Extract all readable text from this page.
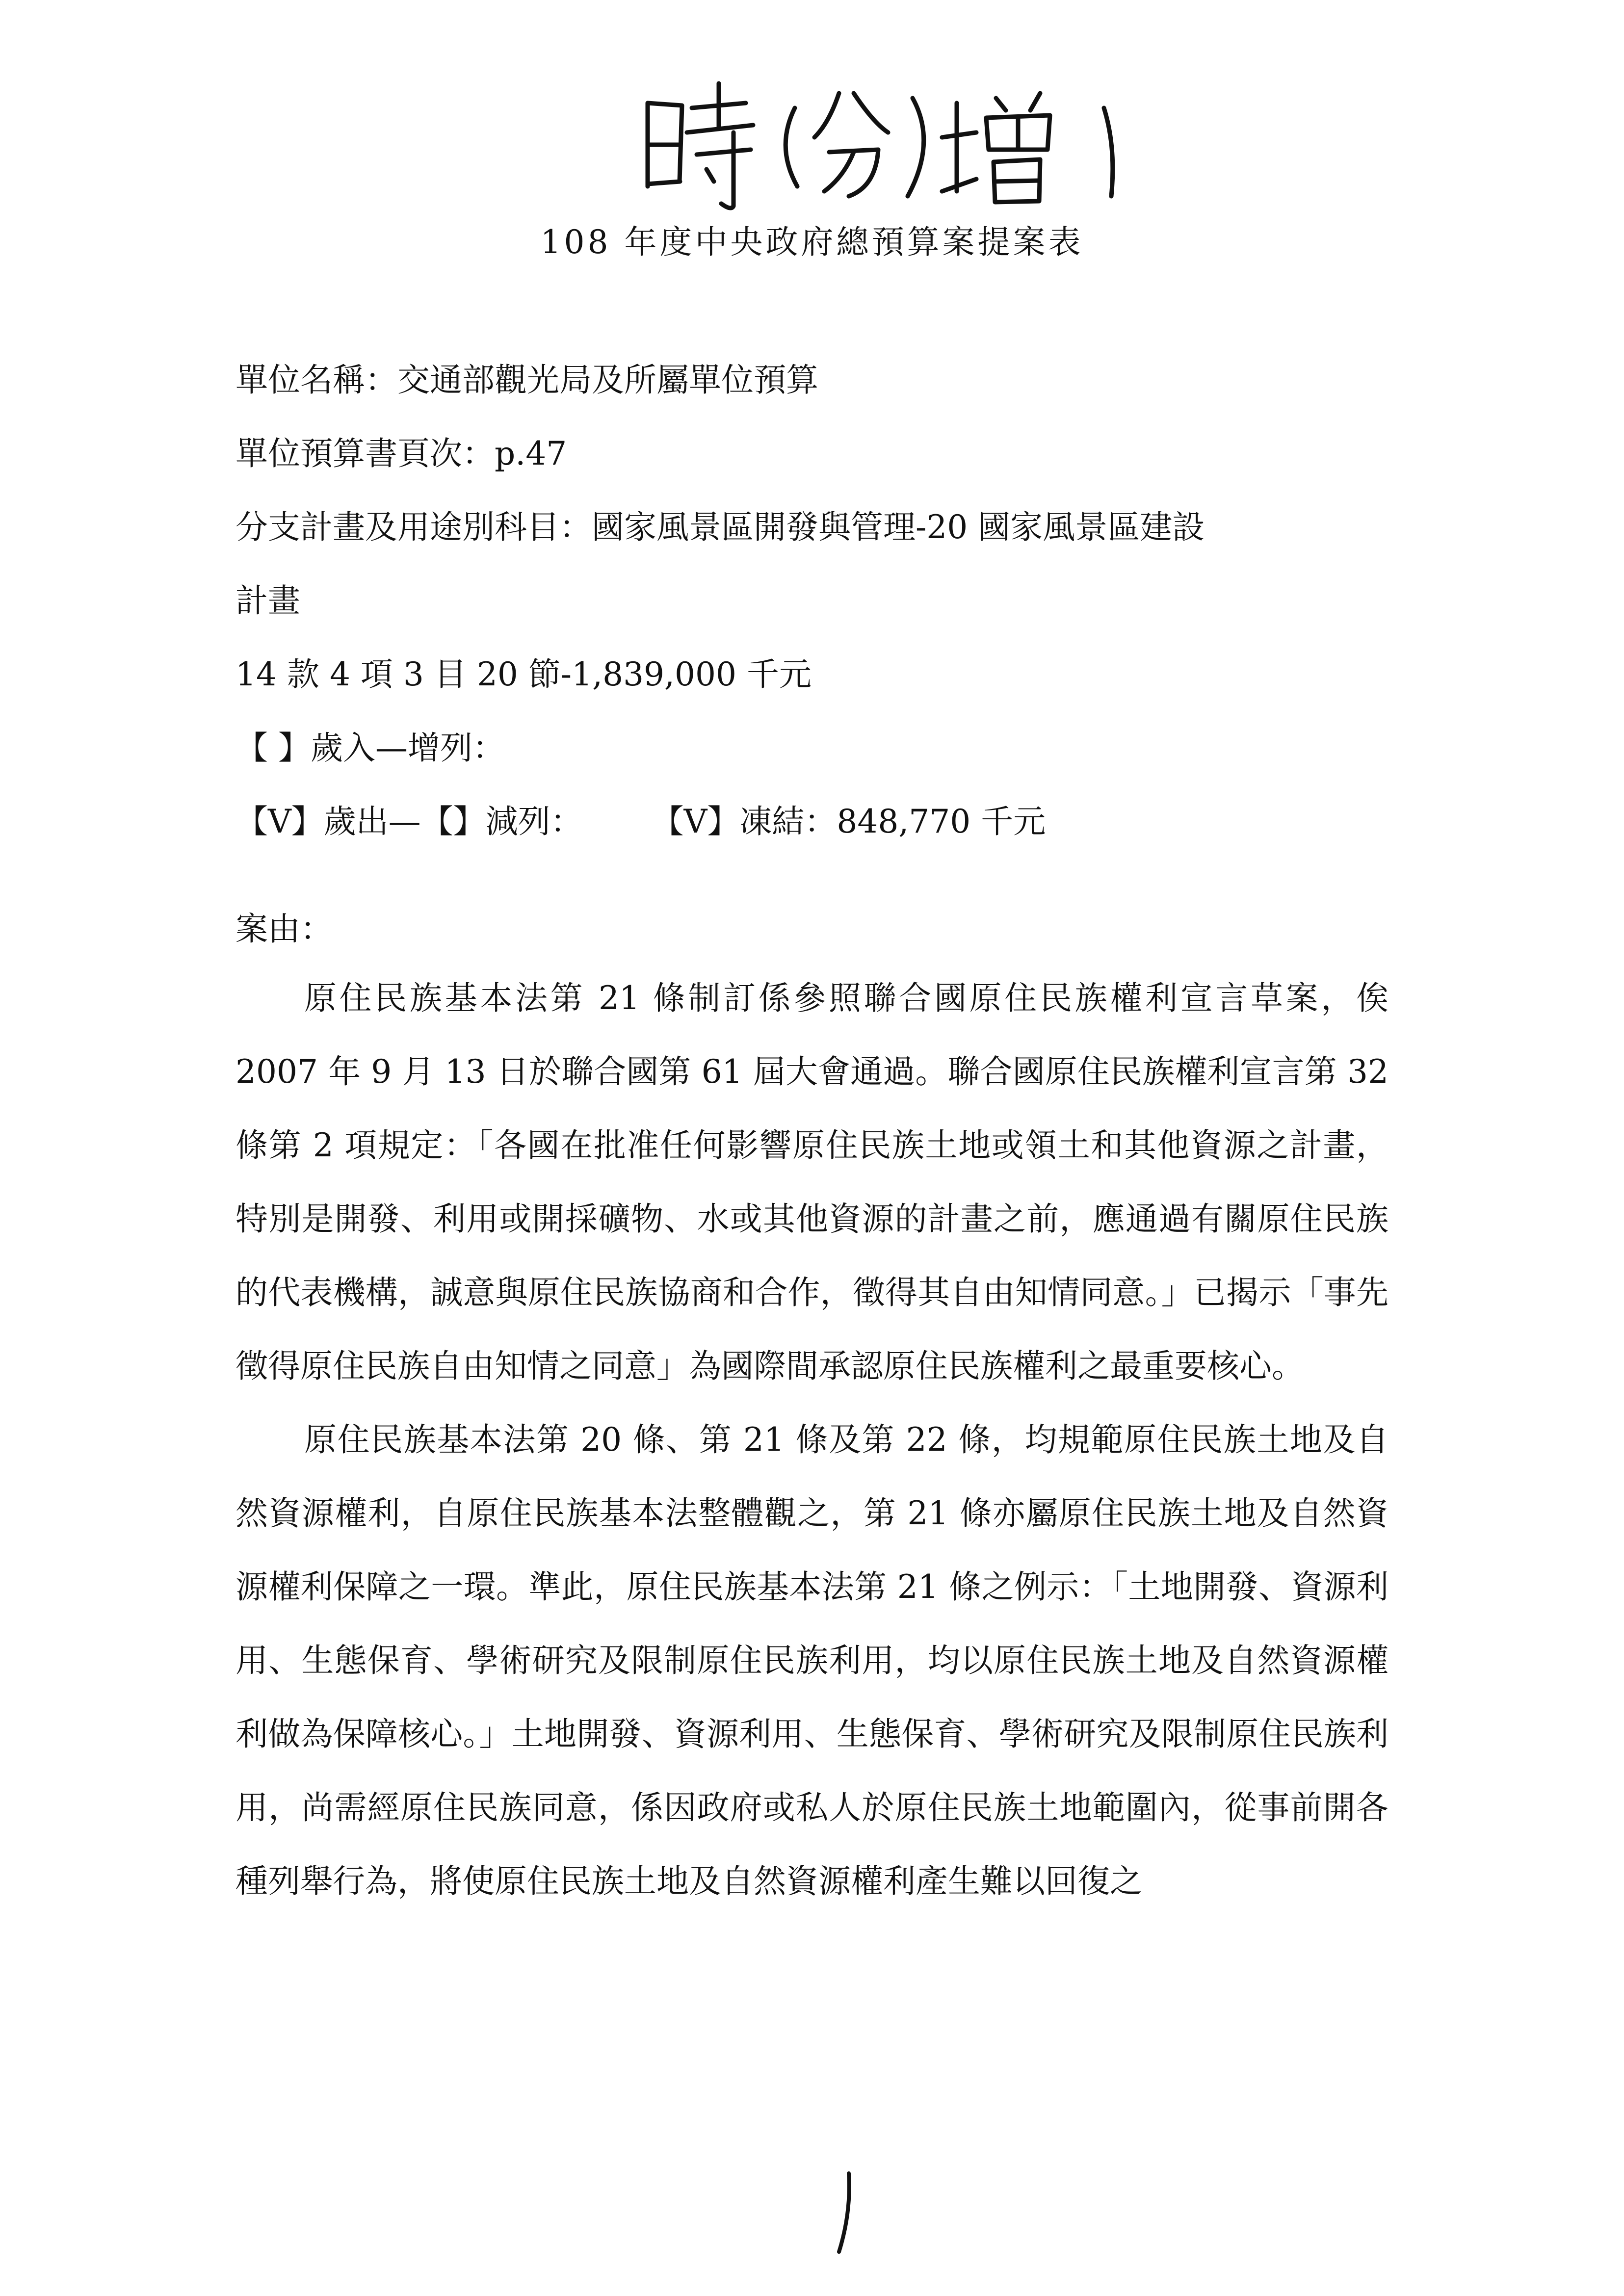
108 年度中央政府總預算案提案表
單位名稱：交通部觀光局及所屬單位預算
單位預算書頁次：p.47
分支計畫及用途別科目：國家風景區開發與管理-20 國家風景區建設
計畫
14 款 4 項 3 目 20 節-1,839,000 千元
【 】歲入—增列：
【V】歲出—【】減列： 【V】凍結：848,770 千元
案由：

原住民族基本法第 21 條制訂係參照聯合國原住民族權利宣言草案，俟 2007 年 9 月 13 日於聯合國第 61 屆大會通過。聯合國原住民族權利宣言第 32 條第 2 項規定：「各國在批准任何影響原住民族土地或領土和其他資源之計畫，特別是開發、利用或開採礦物、水或其他資源的計畫之前，應通過有關原住民族的代表機構，誠意與原住民族協商和合作，徵得其自由知情同意。」已揭示「事先徵得原住民族自由知情之同意」為國際間承認原住民族權利之最重要核心。

原住民族基本法第 20 條、第 21 條及第 22 條，均規範原住民族土地及自然資源權利，自原住民族基本法整體觀之，第 21 條亦屬原住民族土地及自然資源權利保障之一環。準此，原住民族基本法第 21 條之例示：「土地開發、資源利用、生態保育、學術研究及限制原住民族利用，均以原住民族土地及自然資源權利做為保障核心。」土地開發、資源利用、生態保育、學術研究及限制原住民族利用，尚需經原住民族同意，係因政府或私人於原住民族土地範圍內，從事前開各種列舉行為，將使原住民族土地及自然資源權利產生難以回復之
